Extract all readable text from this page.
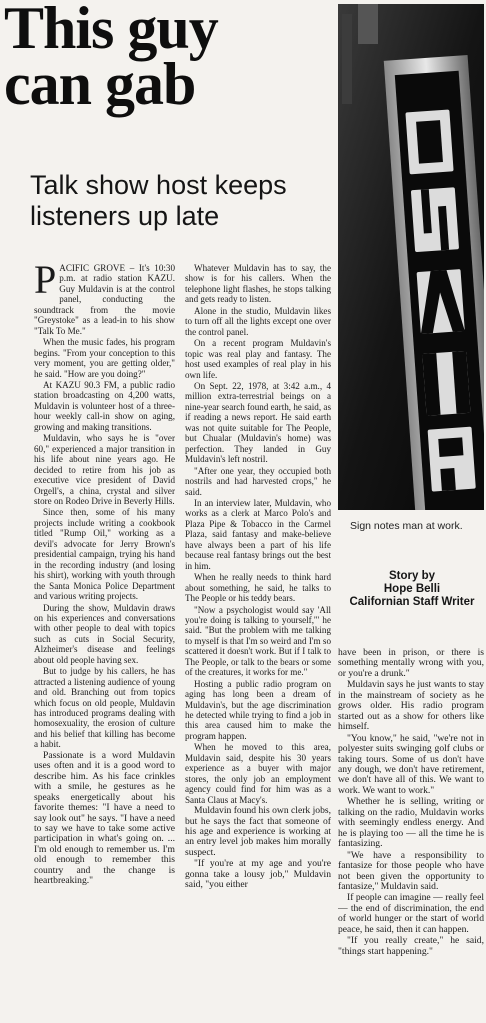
This guy
can gab
Talk show host keeps listeners up late
Sign notes man at work.
Story by
Hope Belli
Californian Staff Writer

PACIFIC GROVE – It's 10:30 p.m. at radio station KAZU. Guy Muldavin is at the control panel, conducting the soundtrack from the movie "Greystoke" as a lead-in to his show "Talk To Me."

When the music fades, his program begins. "From your conception to this very moment, you are getting older," he said. "How are you doing?"

At KAZU 90.3 FM, a public radio station broadcasting on 4,200 watts, Muldavin is volunteer host of a three-hour weekly call-in show on aging, growing and making transitions.

Muldavin, who says he is "over 60," experienced a major transition in his life about nine years ago. He decided to retire from his job as executive vice president of David Orgell's, a china, crystal and silver store on Rodeo Drive in Beverly Hills.

Since then, some of his many projects include writing a cookbook titled "Rump Oil," working as a devil's advocate for Jerry Brown's presidential campaign, trying his hand in the recording industry (and losing his shirt), working with youth through the Santa Monica Police Department and various writing projects.

During the show, Muldavin draws on his experiences and conversations with other people to deal with topics such as cuts in Social Security, Alzheimer's disease and feelings about old people having sex.

But to judge by his callers, he has attracted a listening audience of young and old. Branching out from topics which focus on old people, Muldavin has introduced programs dealing with homosexuality, the erosion of culture and his belief that killing has become a habit.

Passionate is a word Muldavin uses often and it is a good word to describe him. As his face crinkles with a smile, he gestures as he speaks energetically about his favorite themes: "I have a need to say look out" he says. "I have a need to say we have to take some active participation in what's going on. ... I'm old enough to remember us. I'm old enough to remember this country and the change is heartbreaking."

Whatever Muldavin has to say, the show is for his callers. When the telephone light flashes, he stops talking and gets ready to listen.

Alone in the studio, Muldavin likes to turn off all the lights except one over the control panel.

On a recent program Muldavin's topic was real play and fantasy. The host used examples of real play in his own life.

On Sept. 22, 1978, at 3:42 a.m., 4 million extra-terrestrial beings on a nine-year search found earth, he said, as if reading a news report. He said earth was not quite suitable for The People, but Chualar (Muldavin's home) was perfection. They landed in Guy Muldavin's left nostril.

"After one year, they occupied both nostrils and had harvested crops," he said.

In an interview later, Muldavin, who works as a clerk at Marco Polo's and Plaza Pipe & Tobacco in the Carmel Plaza, said fantasy and make-believe have always been a part of his life because real fantasy brings out the best in him.

When he really needs to think hard about something, he said, he talks to The People or his teddy bears.

"Now a psychologist would say 'All you're doing is talking to yourself,'" he said. "But the problem with me talking to myself is that I'm so weird and I'm so scattered it doesn't work. But if I talk to The People, or talk to the bears or some of the creatures, it works for me."

Hosting a public radio program on aging has long been a dream of Muldavin's, but the age discrimination he detected while trying to find a job in this area caused him to make the program happen.

When he moved to this area, Muldavin said, despite his 30 years experience as a buyer with major stores, the only job an employment agency could find for him was as a Santa Claus at Macy's.

Muldavin found his own clerk jobs, but he says the fact that someone of his age and experience is working at an entry level job makes him morally suspect.

"If you're at my age and you're gonna take a lousy job," Muldavin said, "you either

have been in prison, or there is something mentally wrong with you, or you're a drunk."

Muldavin says he just wants to stay in the mainstream of society as he grows older. His radio program started out as a show for others like himself.

"You know," he said, "we're not in polyester suits swinging golf clubs or taking tours. Some of us don't have any dough, we don't have retirement, we don't have all of this. We want to work. We want to work."

Whether he is selling, writing or talking on the radio, Muldavin works with seemingly endless energy. And he is playing too — all the time he is fantasizing.

"We have a responsibility to fantasize for those people who have not been given the opportunity to fantasize," Muldavin said.

If people can imagine — really feel — the end of discrimination, the end of world hunger or the start of world peace, he said, then it can happen.

"If you really create," he said, "things start happening."
